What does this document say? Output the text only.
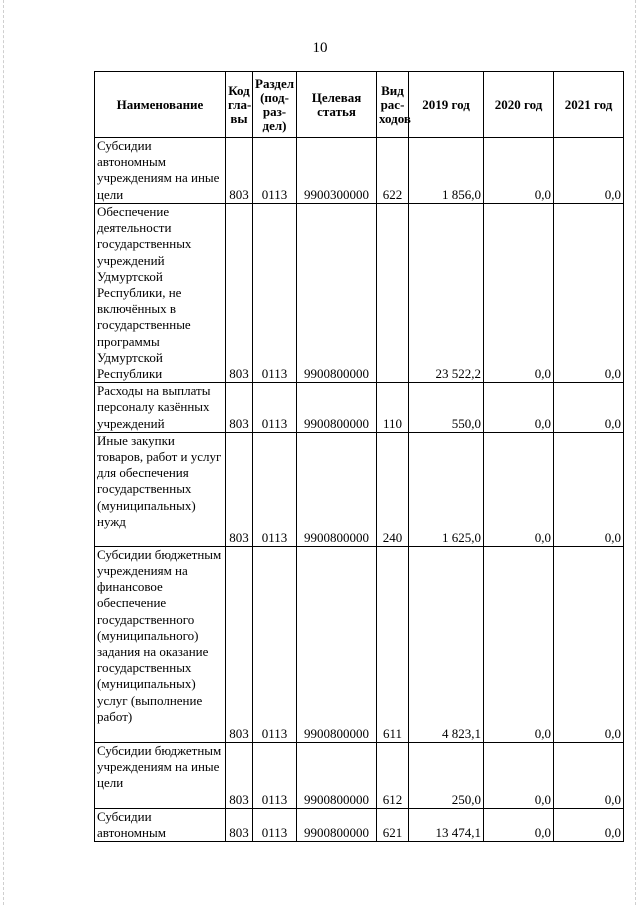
10
Наименование	Код гла- вы	Раздел (под- раз- дел)	Целевая статья	Вид рас- ходов	2019 год	2020 год	2021 год
Субсидии автономным учреждениям на иные цели	803	0113	9900300000	622	1 856,0	0,0	0,0
Обеспечение деятельности государственных учреждений Удмуртской Республики, не включённых в государственные программы Удмуртской Республики	803	0113	9900800000		23 522,2	0,0	0,0
Расходы на выплаты персоналу казённых учреждений	803	0113	9900800000	110	550,0	0,0	0,0
Иные закупки товаров, работ и услуг для обеспечения государственных (муниципальных) нужд	803	0113	9900800000	240	1 625,0	0,0	0,0
Субсидии бюджетным учреждениям на финансовое обеспечение государственного (муниципального) задания на оказание государственных (муниципальных) услуг (выполнение работ)	803	0113	9900800000	611	4 823,1	0,0	0,0
Субсидии бюджетным учреждениям на иные цели	803	0113	9900800000	612	250,0	0,0	0,0
Субсидии автономным	803	0113	9900800000	621	13 474,1	0,0	0,0
